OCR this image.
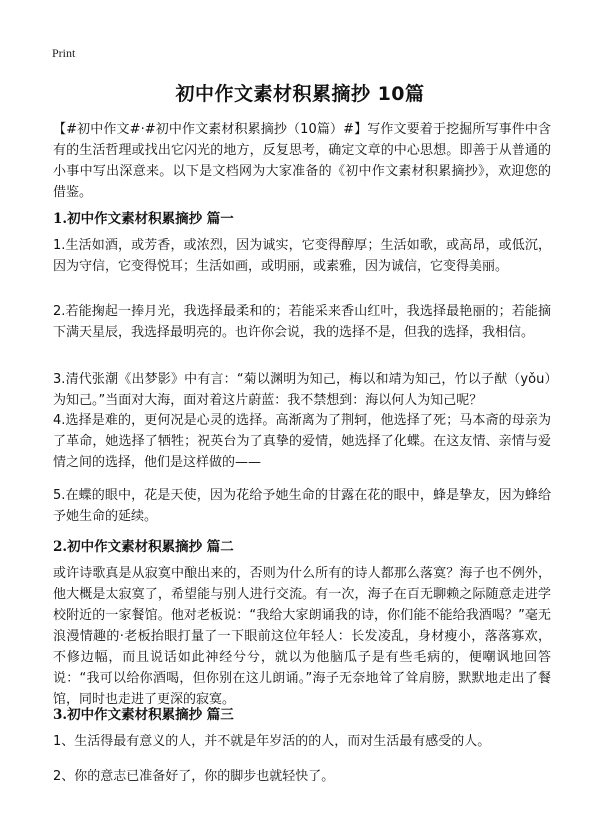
Print
初中作文素材积累摘抄 10篇
【#初中作文#·#初中作文素材积累摘抄（10篇）#】写作文要着于挖掘所写事件中含有的生活哲理或找出它闪光的地方，反复思考，确定文章的中心思想。即善于从普通的小事中写出深意来。以下是文档网为大家准备的《初中作文素材积累摘抄》，欢迎您的借鉴。
1.初中作文素材积累摘抄 篇一
1.生活如酒，或芳香，或浓烈，因为诚实，它变得醇厚；生活如歌，或高昂，或低沉，因为守信，它变得悦耳；生活如画，或明丽，或素雅，因为诚信，它变得美丽。
2.若能掬起一捧月光，我选择最柔和的；若能采来香山红叶，我选择最艳丽的；若能摘下满天星辰，我选择最明亮的。也许你会说，我的选择不是，但我的选择，我相信。
3.清代张潮《出梦影》中有言：“菊以渊明为知己，梅以和靖为知己，竹以子猷（yǒu）为知己。”当面对大海，面对着这片蔚蓝：我不禁想到：海以何人为知己呢？
4.选择是难的，更何况是心灵的选择。高渐离为了荆轲，他选择了死；马本斋的母亲为了革命，她选择了牺牲；祝英台为了真挚的爱情，她选择了化蝶。在这友情、亲情与爱情之间的选择，他们是这样做的——
5.在蝶的眼中，花是天使，因为花给予她生命的甘露在花的眼中，蜂是挚友，因为蜂给予她生命的延续。
2.初中作文素材积累摘抄 篇二
或许诗歌真是从寂寞中酿出来的，否则为什么所有的诗人都那么落寞？海子也不例外，他大概是太寂寞了，希望能与别人进行交流。有一次，海子在百无聊赖之际随意走进学校附近的一家餐馆。他对老板说：“我给大家朗诵我的诗，你们能不能给我酒喝？”毫无浪漫情趣的·老板抬眼打量了一下眼前这位年轻人：长发凌乱，身材瘦小，落落寡欢，不修边幅，而且说话如此神经兮兮，就以为他脑瓜子是有些毛病的，便嘲讽地回答说：“我可以给你酒喝，但你别在这儿朗诵。”海子无奈地耸了耸肩膀，默默地走出了餐馆，同时也走进了更深的寂寞。
3.初中作文素材积累摘抄 篇三
1、生活得最有意义的人，并不就是年岁活的的人，而对生活最有感受的人。
2、你的意志已准备好了，你的脚步也就轻快了。
